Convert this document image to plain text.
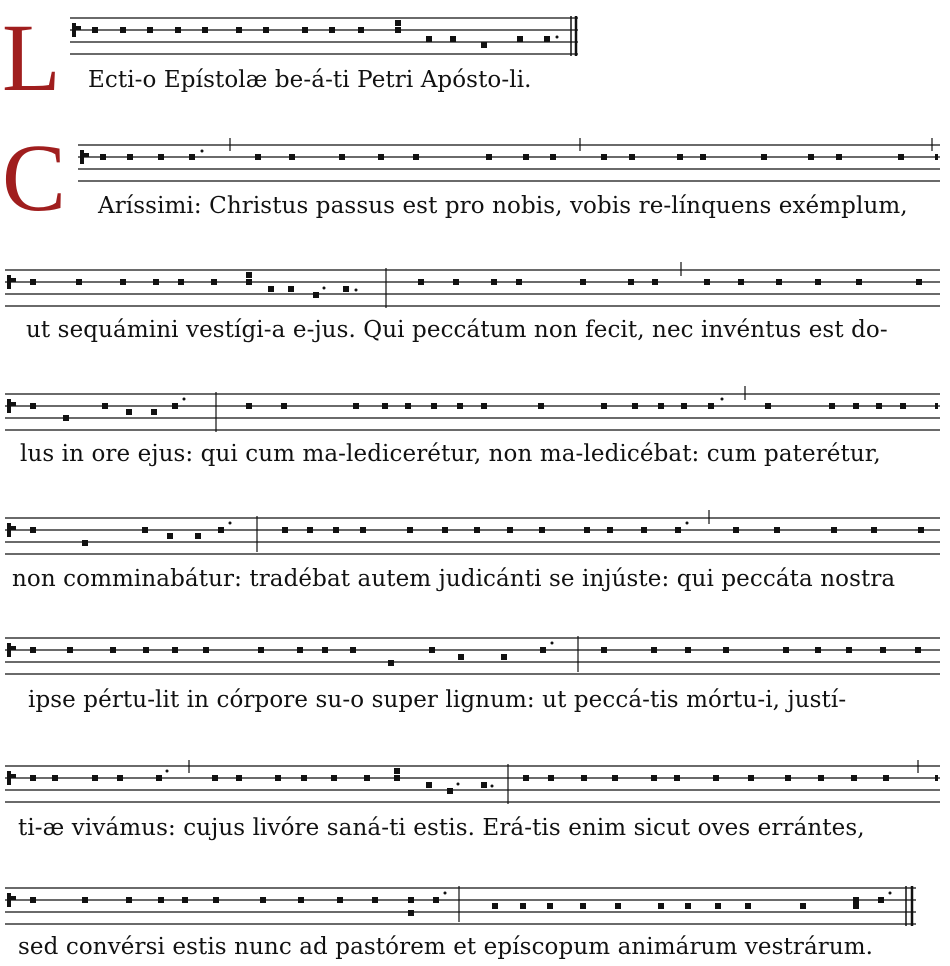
L
C
Ecti-o Epístolæ be-á-ti Petri Apósto-li.
Aríssimi: Christus passus est pro nobis, vobis re-línquens exémplum,
ut sequámini vestígi-a e-jus. Qui peccátum non fecit, nec invéntus est do-
lus in ore ejus: qui cum ma-ledicerétur, non ma-ledicébat: cum paterétur,
non comminabátur: tradébat autem judicánti se injúste: qui peccáta nostra
ipse pértu-lit in córpore su-o super lignum: ut peccá-tis mórtu-i, justí-
ti-æ vivámus: cujus livóre saná-ti estis. Erá-tis enim sicut oves errántes,
sed convérsi estis nunc ad pastórem et epíscopum animárum vestrárum.
